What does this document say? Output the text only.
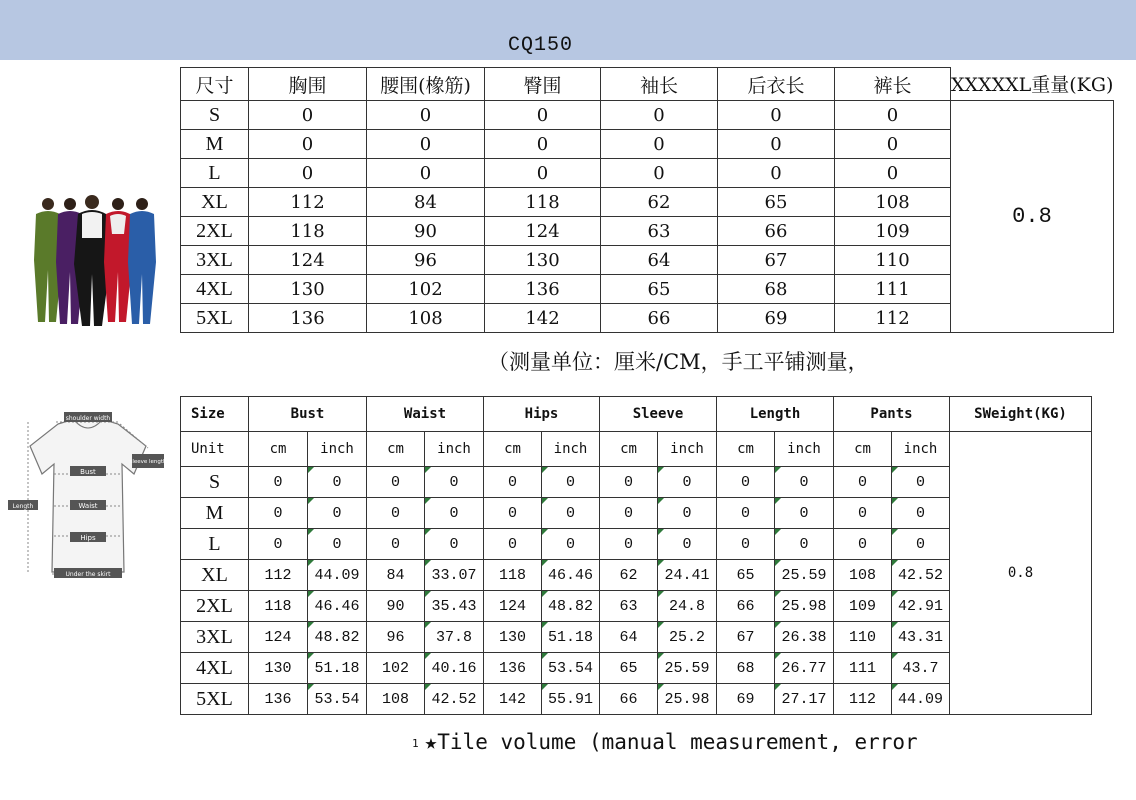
CQ150
shoulder width
sleeve length
Bust
Waist
Hips
Length
Under the skirt
尺寸	胸围	腰围(橡筋)	臀围	袖长	后衣长	裤长	XXXXXL重量(KG)
S	0	0	0	0	0	0	0.8
M	0	0	0	0	0	0	
L	0	0	0	0	0	0	
XL	112	84	118	62	65	108	
2XL	118	90	124	63	66	109	
3XL	124	96	130	64	67	110	
4XL	130	102	136	65	68	111	
5XL	136	108	142	66	69	112	
（测量单位：厘米/CM，手工平铺测量，
Size	Bust		Waist		Hips		Sleeve		Length		Pants		SWeight(KG)
Unit	cm	inch	cm	inch	cm	inch	cm	inch	cm	inch	cm	inch	0.8
S	0	0	0	0	0	0	0	0	0	0	0	0	
M	0	0	0	0	0	0	0	0	0	0	0	0	
L	0	0	0	0	0	0	0	0	0	0	0	0	
XL	112	44.09	84	33.07	118	46.46	62	24.41	65	25.59	108	42.52	
2XL	118	46.46	90	35.43	124	48.82	63	24.8	66	25.98	109	42.91	
3XL	124	48.82	96	37.8	130	51.18	64	25.2	67	26.38	110	43.31	
4XL	130	51.18	102	40.16	136	53.54	65	25.59	68	26.77	111	43.7	
5XL	136	53.54	108	42.52	142	55.91	66	25.98	69	27.17	112	44.09	
1 ★Tile volume (manual measurement, error
